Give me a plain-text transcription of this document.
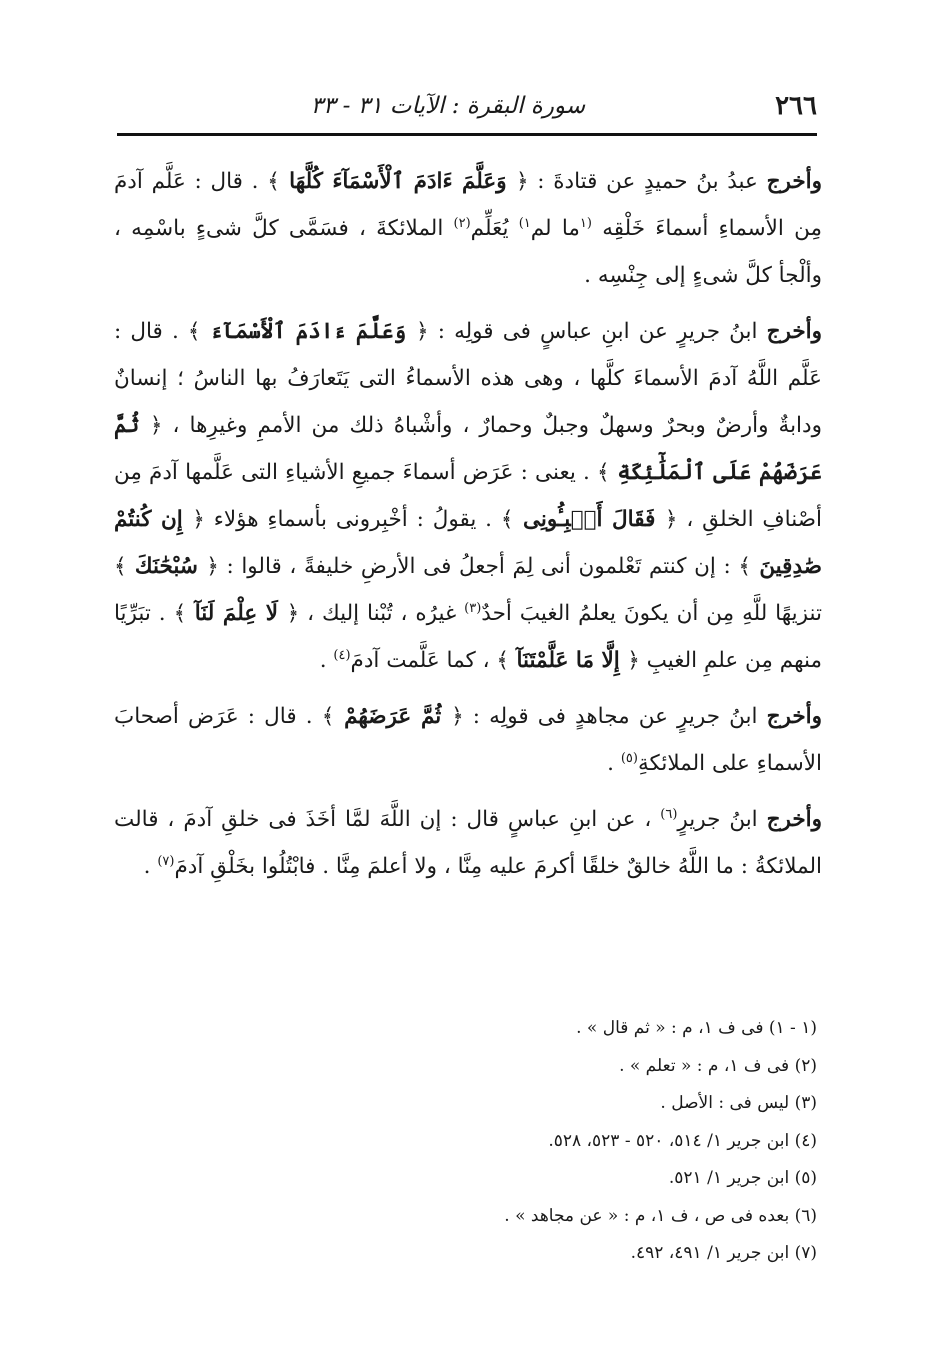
٢٦٦
سورة البقرة : الآيات ٣١ - ٣٣

وأخرج عبدُ بنُ حميدٍ عن قتادةَ : ﴿ وَعَلَّمَ ءَادَمَ ٱلْأَسْمَآءَ كُلَّهَا ﴾ . قال : عَلَّم آدمَ مِن الأسماءِ أسماءَ خَلْقِه $^{(١}$ما لم$^{١)}$ يُعَلِّم$^{(٢)}$ الملائكةَ ، فسَمَّى كلَّ شىءٍ باسْمِه ، وألْجأ كلَّ شىءٍ إلى جِنْسِه .

وأخرج ابنُ جريرٍ عن ابنِ عباسٍ فى قولِه : ﴿ وَعَلَّمَ ءَادَمَ ٱلْأَسْمَآءَ ﴾ . قال : عَلَّم اللَّهُ آدمَ الأسماءَ كلَّها ، وهى هذه الأسماءُ التى يَتَعارَفُ بها الناسُ ؛ إنسانٌ ودابةٌ وأرضٌ وبحرٌ وسهلٌ وجبلٌ وحمارٌ ، وأشْباهُ ذلك من الأممِ وغيرِها ، ﴿ ثُمَّ عَرَضَهُمْ عَلَى ٱلْمَلَٰٓئِكَةِ ﴾ . يعنى : عَرَض أسماءَ جميعِ الأشياءِ التى عَلَّمها آدمَ مِن أصْنافِ الخلقِ ، ﴿ فَقَالَ أَنۢبِـُٔونِى ﴾ . يقولُ : أخْبِرونى بأسماءِ هؤلاء ﴿ إِن كُنتُمْ صَٰدِقِينَ ﴾ : إن كنتم تَعْلمون أنى لِمَ أجعلُ فى الأرضِ خليفةً ، قالوا : ﴿ سُبْحَٰنَكَ ﴾ تنزيهًا للَّهِ مِن أن يكونَ يعلمُ الغيبَ أحدٌ$^{(٣)}$ غيرُه ، تُبْنا إليك ، ﴿ لَا عِلْمَ لَنَآ ﴾ . تبَرِّيًا منهم مِن علمِ الغيبِ ﴿ إِلَّا مَا عَلَّمْتَنَآ ﴾ ، كما عَلَّمت آدمَ$^{(٤)}$ .

وأخرج ابنُ جريرٍ عن مجاهدٍ فى قولِه : ﴿ ثُمَّ عَرَضَهُمْ ﴾ . قال : عَرَض أصحابَ الأسماءِ على الملائكةِ$^{(٥)}$ .

وأخرج ابنُ جريرٍ$^{(٦)}$ ، عن ابنِ عباسٍ قال : إن اللَّهَ لمَّا أخَذَ فى خلقِ آدمَ ، قالت الملائكةُ : ما اللَّهُ خالقٌ خلقًا أكرمَ عليه مِنَّا ، ولا أعلمَ مِنَّا . فابْتُلُوا بخَلْقِ آدمَ$^{(٧)}$ .

(١ - ١) فى ف ١، م : « ثم قال » .
(٢) فى ف ١، م : « تعلم » .
(٣) ليس فى : الأصل .
(٤) ابن جرير ١/ ٥١٤، ٥٢٠ - ٥٢٣، ٥٢٨.
(٥) ابن جرير ١/ ٥٢١.
(٦) بعده فى ص ، ف ١، م : « عن مجاهد » .
(٧) ابن جرير ١/ ٤٩١، ٤٩٢.
